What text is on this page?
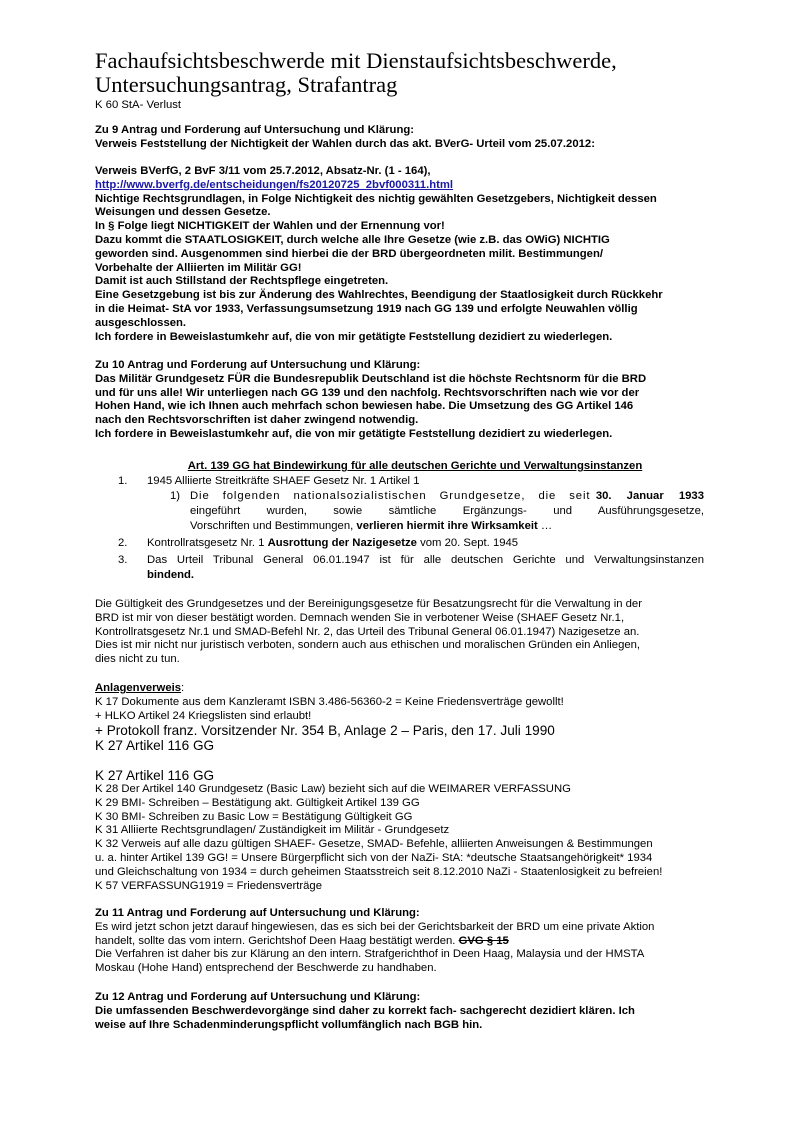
Fachaufsichtsbeschwerde mit Dienstaufsichtsbeschwerde, Untersuchungsantrag, Strafantrag
K 60 StA- Verlust
Zu 9 Antrag und Forderung auf Untersuchung und Klärung:
Verweis Feststellung der Nichtigkeit der Wahlen durch das akt. BVerG- Urteil vom 25.07.2012:
Verweis BVerfG, 2 BvF 3/11 vom 25.7.2012, Absatz-Nr. (1 - 164),
http://www.bverfg.de/entscheidungen/fs20120725_2bvf000311.html
Nichtige Rechtsgrundlagen, in Folge Nichtigkeit des nichtig gewählten Gesetzgebers, Nichtigkeit dessen
Weisungen und dessen Gesetze.
In § Folge liegt NICHTIGKEIT der Wahlen und der Ernennung vor!
Dazu kommt die STAATLOSIGKEIT, durch welche alle Ihre Gesetze (wie z.B. das OWiG) NICHTIG
geworden sind. Ausgenommen sind hierbei die der BRD übergeordneten milit. Bestimmungen/
Vorbehalte der Alliierten im Militär GG!
Damit ist auch Stillstand der Rechtspflege eingetreten.
Eine Gesetzgebung ist bis zur Änderung des Wahlrechtes, Beendigung der Staatlosigkeit durch Rückkehr
in die Heimat- StA vor 1933, Verfassungsumsetzung 1919 nach GG 139 und erfolgte Neuwahlen völlig
ausgeschlossen.
Ich fordere in Beweislastumkehr auf, die von mir getätigte Feststellung dezidiert zu wiederlegen.
Zu 10 Antrag und Forderung auf Untersuchung und Klärung:
Das Militär Grundgesetz FÜR die Bundesrepublik Deutschland ist die höchste Rechtsnorm für die BRD
und für uns alle! Wir unterliegen nach GG 139 und den nachfolg. Rechtsvorschriften nach wie vor der
Hohen Hand, wie ich Ihnen auch mehrfach schon bewiesen habe. Die Umsetzung des GG Artikel 146
nach den Rechtsvorschriften ist daher zwingend notwendig.
Ich fordere in Beweislastumkehr auf, die von mir getätigte Feststellung dezidiert zu wiederlegen.
Art. 139 GG hat Bindewirkung für alle deutschen Gerichte und Verwaltungsinstanzen
1. 1945 Alliierte Streitkräfte SHAEF Gesetz Nr. 1 Artikel 1
1) Die folgenden nationalsozialistischen Grundgesetze, die seit 30. Januar 1933
eingeführt wurden, sowie sämtliche Ergänzungs- und Ausführungsgesetze,
Vorschriften und Bestimmungen, verlieren hiermit ihre Wirksamkeit …
2. Kontrollratsgesetz Nr. 1 Ausrottung der Nazigesetze vom 20. Sept. 1945
3. Das Urteil Tribunal General 06.01.1947 ist für alle deutschen Gerichte und Verwaltungsinstanzen
bindend.
Die Gültigkeit des Grundgesetzes und der Bereinigungsgesetze für Besatzungsrecht für die Verwaltung in der
BRD ist mir von dieser bestätigt worden. Demnach wenden Sie in verbotener Weise (SHAEF Gesetz Nr.1,
Kontrollratsgesetz Nr.1 und SMAD-Befehl Nr. 2, das Urteil des Tribunal General 06.01.1947) Nazigesetze an.
Dies ist mir nicht nur juristisch verboten, sondern auch aus ethischen und moralischen Gründen ein Anliegen,
dies nicht zu tun.
Anlagenverweis:
K 17 Dokumente aus dem Kanzleramt ISBN 3.486-56360-2 = Keine Friedensverträge gewollt!
+ HLKO Artikel 24 Kriegslisten sind erlaubt!
+ Protokoll franz. Vorsitzender Nr. 354 B, Anlage 2 – Paris, den 17. Juli 1990
K 27 Artikel 116 GG
K 27 Artikel 116 GG
K 28 Der Artikel 140 Grundgesetz (Basic Law) bezieht sich auf die WEIMARER VERFASSUNG
K 29 BMI- Schreiben – Bestätigung akt. Gültigkeit Artikel 139 GG
K 30 BMI- Schreiben zu Basic Low = Bestätigung Gültigkeit GG
K 31 Alliierte Rechtsgrundlagen/ Zuständigkeit im Militär - Grundgesetz
K 32 Verweis auf alle dazu gültigen SHAEF- Gesetze, SMAD- Befehle, alliierten Anweisungen & Bestimmungen
u. a. hinter Artikel 139 GG! = Unsere Bürgerpflicht sich von der NaZi- StA: *deutsche Staatsangehörigkeit* 1934
und Gleichschaltung von 1934 = durch geheimen Staatsstreich seit 8.12.2010 NaZi - Staatenlosigkeit zu befreien!
K 57 VERFASSUNG1919 = Friedensverträge
Zu 11 Antrag und Forderung auf Untersuchung und Klärung:
Es wird jetzt schon jetzt darauf hingewiesen, das es sich bei der Gerichtsbarkeit der BRD um eine private Aktion
handelt, sollte das vom intern. Gerichtshof Deen Haag bestätigt werden. GVG § 15
Die Verfahren ist daher bis zur Klärung an den intern. Strafgerichthof in Deen Haag, Malaysia und der HMSTA
Moskau (Hohe Hand) entsprechend der Beschwerde zu handhaben.
Zu 12 Antrag und Forderung auf Untersuchung und Klärung:
Die umfassenden Beschwerdevorgänge sind daher zu korrekt fach- sachgerecht dezidiert klären. Ich
weise auf Ihre Schadenminderungspflicht vollumfänglich nach BGB hin.
